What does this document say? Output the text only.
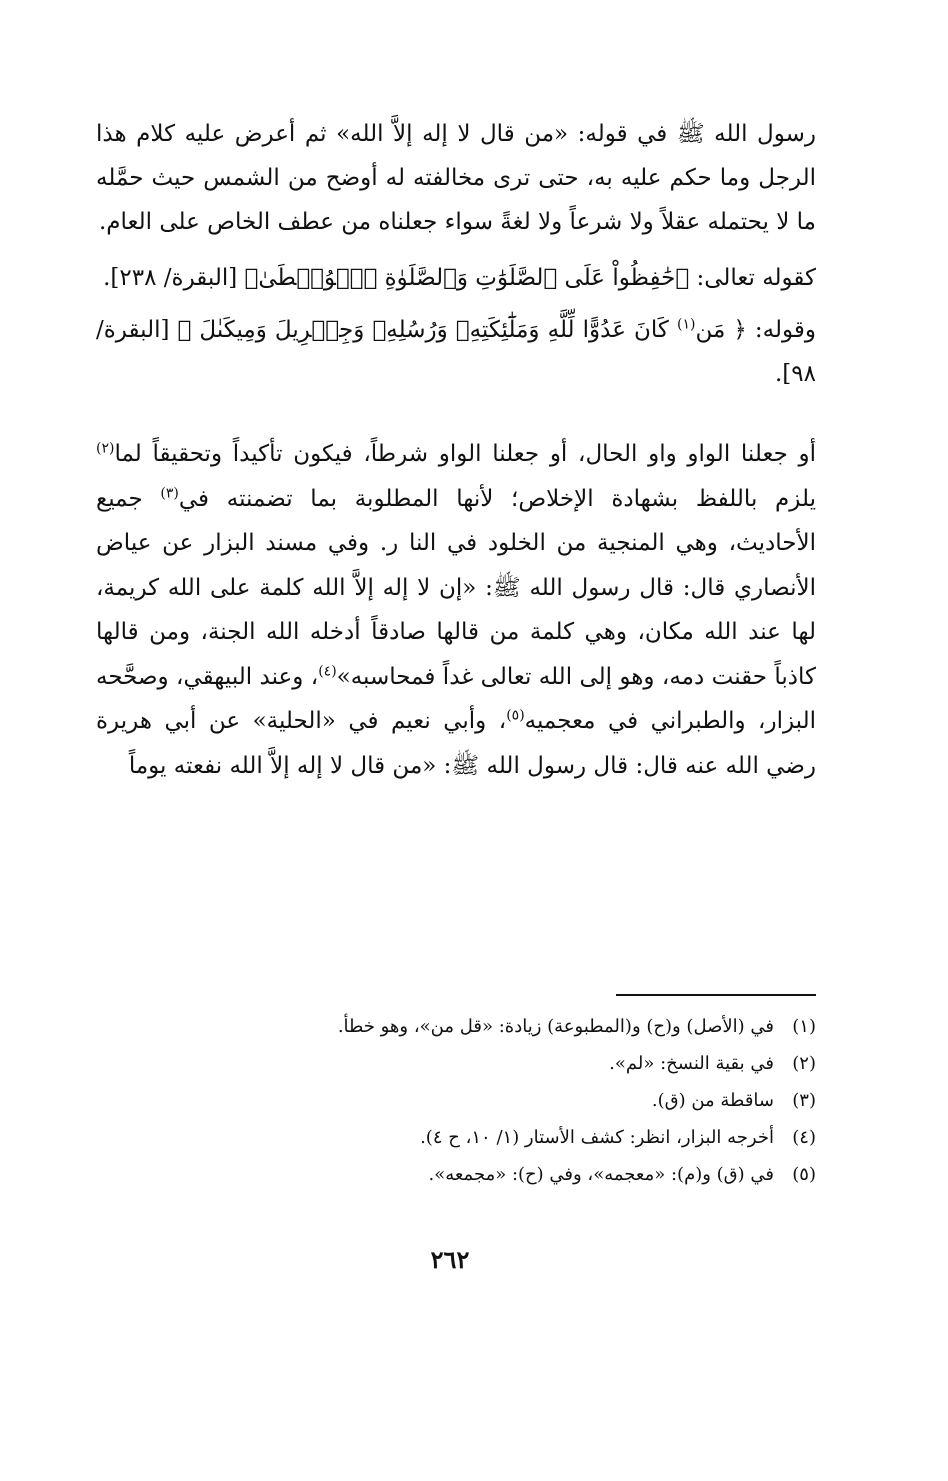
رسول الله ﷺ في قوله: «من قال لا إله إلاَّ الله» ثم أعرض عليه كلام هذا الرجل وما حكم عليه به، حتى ترى مخالفته له أوضح من الشمس حيث حمَّله ما لا يحتمله عقلاً ولا شرعاً ولا لغةً سواء جعلناه من عطف الخاص على العام.

كقوله تعالى: ﴿حَٰفِظُواْ عَلَى ٱلصَّلَوَٰتِ وَٱلصَّلَوٰةِ ٱلۡوُسۡطَىٰ﴾ [البقرة/ ٢٣٨].

وقوله: ﴿ مَن$^{(١)}$ كَانَ عَدُوًّا لِّلَّهِ وَمَلَٰٓئِكَتِهِۦ وَرُسُلِهِۦ وَجِبۡرِيلَ وَمِيكَىٰلَ ﴾ [البقرة/ ٩٨].

أو جعلنا الواو واو الحال، أو جعلنا الواو شرطاً، فيكون تأكيداً وتحقيقاً لما$^{(٢)}$ يلزم باللفظ بشهادة الإخلاص؛ لأنها المطلوبة بما تضمنته في$^{(٣)}$ جميع الأحاديث، وهي المنجية من الخلود في النا ر. وفي مسند البزار عن عياض الأنصاري قال: قال رسول الله ﷺ: «إن لا إله إلاَّ الله كلمة على الله كريمة، لها عند الله مكان، وهي كلمة من قالها صادقاً أدخله الله الجنة، ومن قالها كاذباً حقنت دمه، وهو إلى الله تعالى غداً فمحاسبه»$^{(٤)}$، وعند البيهقي، وصحَّحه البزار، والطبراني في معجميه$^{(٥)}$، وأبي نعيم في «الحلية» عن أبي هريرة رضي الله عنه قال: قال رسول الله ﷺ: «من قال لا إله إلاَّ الله نفعته يوماً

(١)في (الأصل) و(ح) و(المطبوعة) زيادة: «قل من»، وهو خطأ.

(٢)في بقية النسخ: «لم».

(٣)ساقطة من (ق).

(٤)أخرجه البزار، انظر: كشف الأستار (١/ ١٠، ح ٤).

(٥)في (ق) و(م): «معجمه»، وفي (ح): «مجمعه».

٢٦٢
